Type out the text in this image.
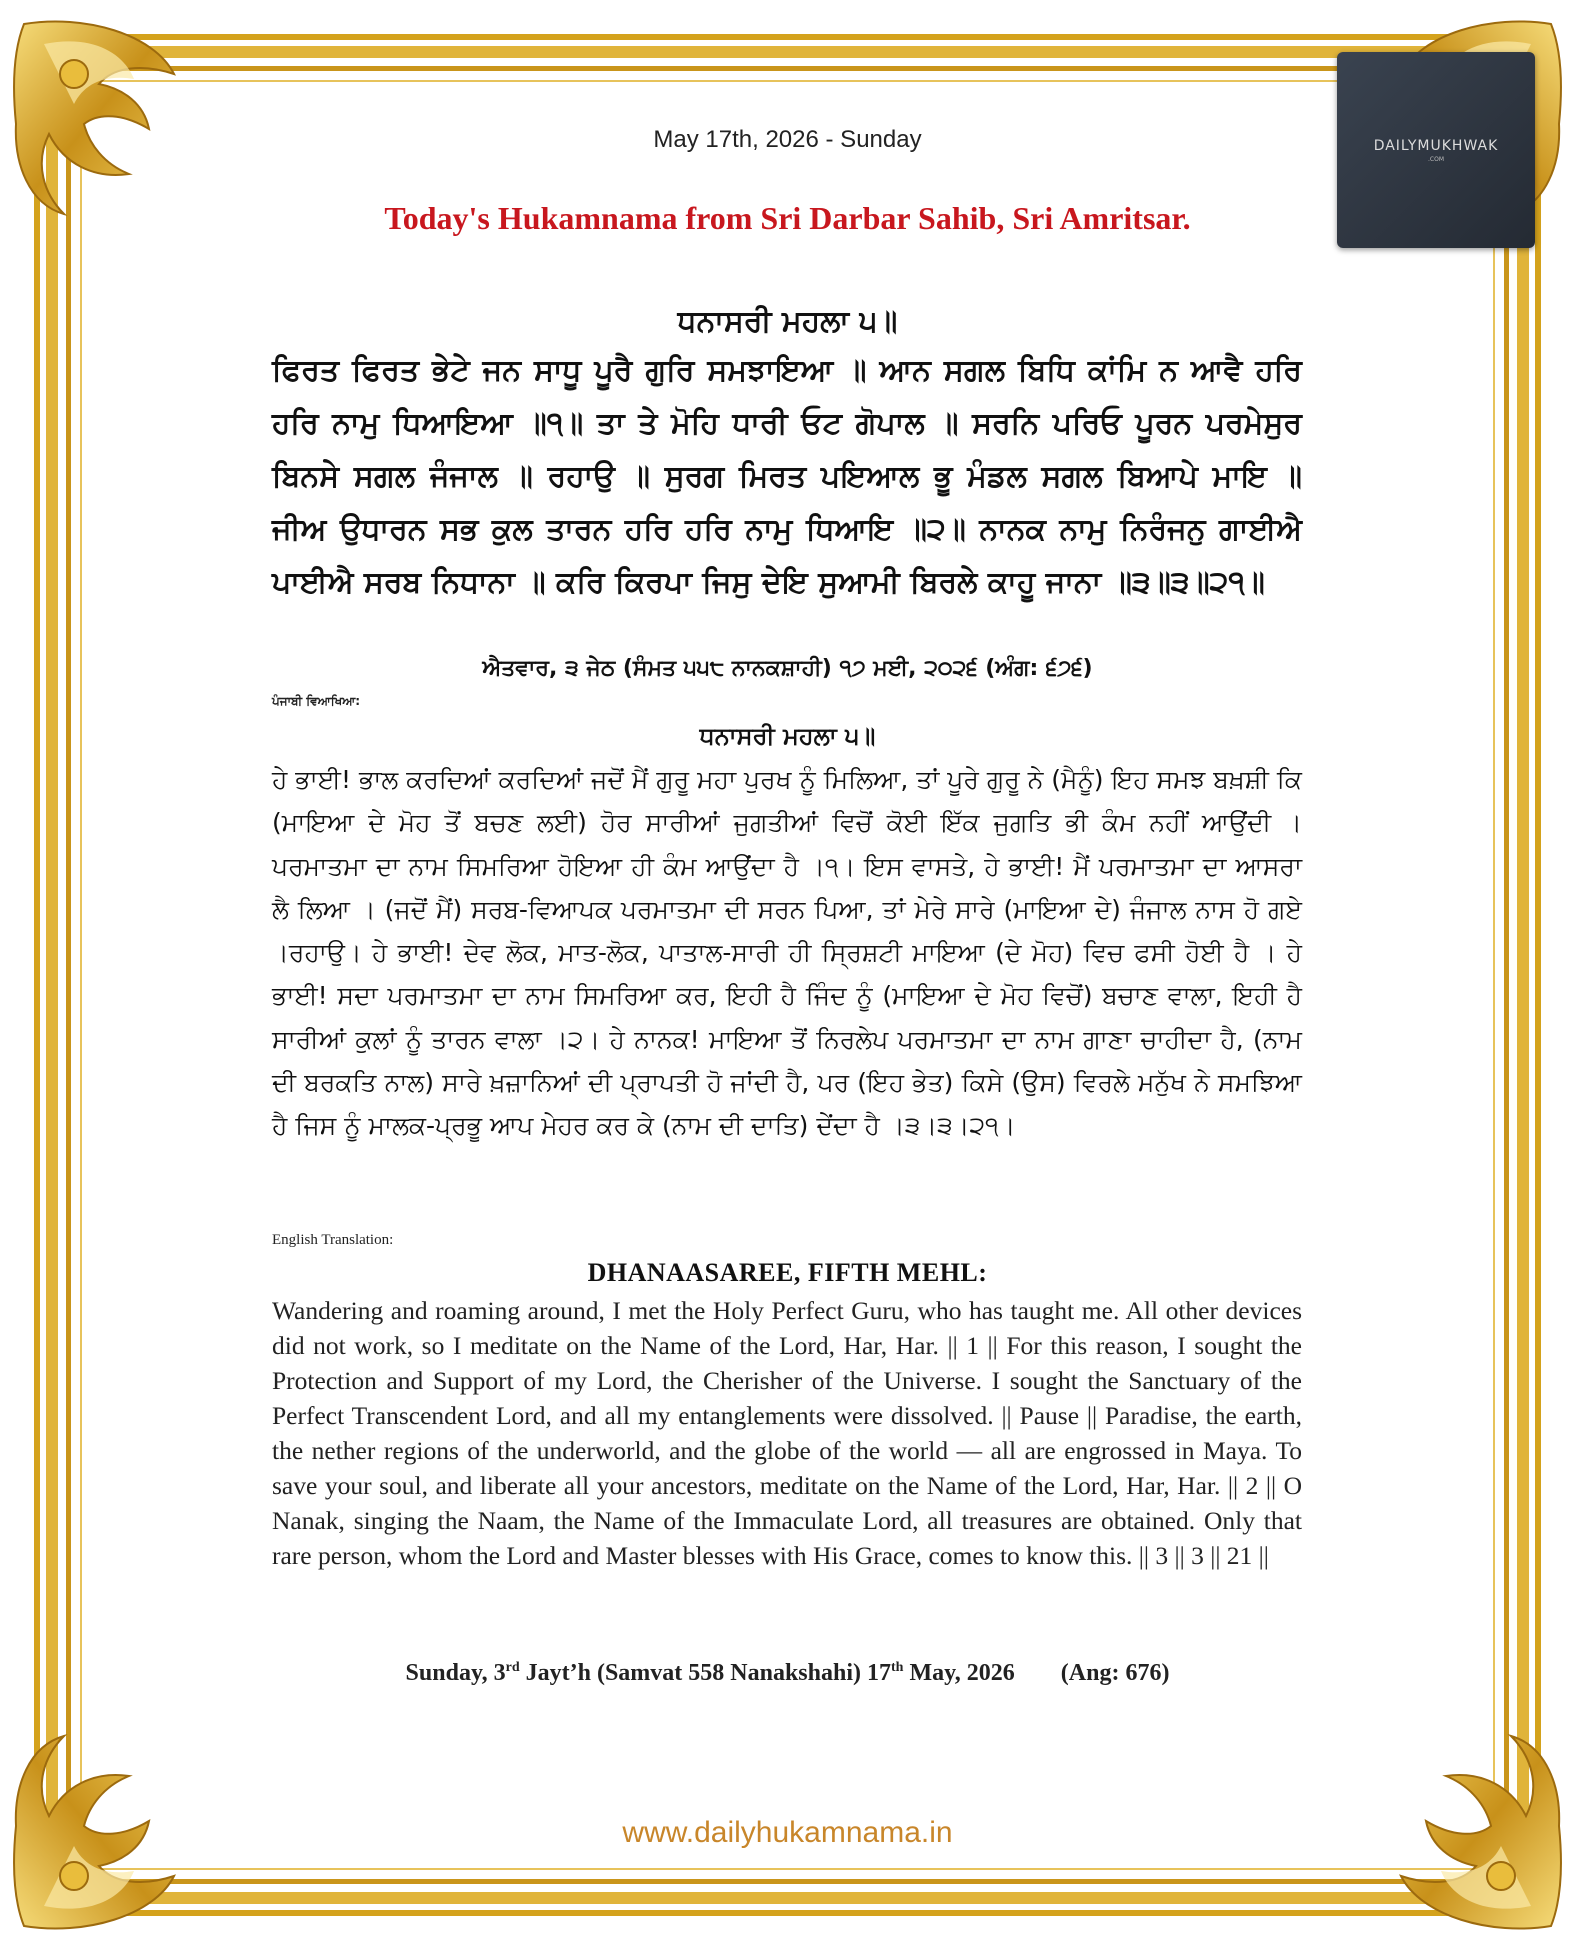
DAILYMUKHWAK
.COM
May 17th, 2026 - Sunday
Today's Hukamnama from Sri Darbar Sahib, Sri Amritsar.
ਧਨਾਸਰੀ ਮਹਲਾ ੫॥
ਫਿਰਤ ਫਿਰਤ ਭੇਟੇ ਜਨ ਸਾਧੂ ਪੂਰੈ ਗੁਰਿ ਸਮਝਾਇਆ ॥ ਆਨ ਸਗਲ ਬਿਧਿ ਕਾਂਮਿ ਨ ਆਵੈ ਹਰਿ ਹਰਿ ਨਾਮੁ ਧਿਆਇਆ ॥੧॥ ਤਾ ਤੇ ਮੋਹਿ ਧਾਰੀ ਓਟ ਗੋਪਾਲ ॥ ਸਰਨਿ ਪਰਿਓ ਪੂਰਨ ਪਰਮੇਸੁਰ ਬਿਨਸੇ ਸਗਲ ਜੰਜਾਲ ॥ ਰਹਾਉ ॥ ਸੁਰਗ ਮਿਰਤ ਪਇਆਲ ਭੂ ਮੰਡਲ ਸਗਲ ਬਿਆਪੇ ਮਾਇ ॥ ਜੀਅ ਉਧਾਰਨ ਸਭ ਕੁਲ ਤਾਰਨ ਹਰਿ ਹਰਿ ਨਾਮੁ ਧਿਆਇ ॥੨॥ ਨਾਨਕ ਨਾਮੁ ਨਿਰੰਜਨੁ ਗਾਈਐ ਪਾਈਐ ਸਰਬ ਨਿਧਾਨਾ ॥ ਕਰਿ ਕਿਰਪਾ ਜਿਸੁ ਦੇਇ ਸੁਆਮੀ ਬਿਰਲੇ ਕਾਹੂ ਜਾਨਾ ॥੩॥੩॥੨੧॥
ਐਤਵਾਰ, ੩ ਜੇਠ (ਸੰਮਤ ੫੫੮ ਨਾਨਕਸ਼ਾਹੀ) ੧੭ ਮਈ, ੨੦੨੬ (ਅੰਗ: ੬੭੬)
ਪੰਜਾਬੀ ਵਿਆਖਿਆ:
ਧਨਾਸਰੀ ਮਹਲਾ ੫॥
ਹੇ ਭਾਈ! ਭਾਲ ਕਰਦਿਆਂ ਕਰਦਿਆਂ ਜਦੋਂ ਮੈਂ ਗੁਰੂ ਮਹਾ ਪੁਰਖ ਨੂੰ ਮਿਲਿਆ, ਤਾਂ ਪੂਰੇ ਗੁਰੂ ਨੇ (ਮੈਨੂੰ) ਇਹ ਸਮਝ ਬਖ਼ਸ਼ੀ ਕਿ (ਮਾਇਆ ਦੇ ਮੋਹ ਤੋਂ ਬਚਣ ਲਈ) ਹੋਰ ਸਾਰੀਆਂ ਜੁਗਤੀਆਂ ਵਿਚੋਂ ਕੋਈ ਇੱਕ ਜੁਗਤਿ ਭੀ ਕੰਮ ਨਹੀਂ ਆਉਂਦੀ । ਪਰਮਾਤਮਾ ਦਾ ਨਾਮ ਸਿਮਰਿਆ ਹੋਇਆ ਹੀ ਕੰਮ ਆਉਂਦਾ ਹੈ ।੧। ਇਸ ਵਾਸਤੇ, ਹੇ ਭਾਈ! ਮੈਂ ਪਰਮਾਤਮਾ ਦਾ ਆਸਰਾ ਲੈ ਲਿਆ । (ਜਦੋਂ ਮੈਂ) ਸਰਬ-ਵਿਆਪਕ ਪਰਮਾਤਮਾ ਦੀ ਸਰਨ ਪਿਆ, ਤਾਂ ਮੇਰੇ ਸਾਰੇ (ਮਾਇਆ ਦੇ) ਜੰਜਾਲ ਨਾਸ ਹੋ ਗਏ ।ਰਹਾਉ। ਹੇ ਭਾਈ! ਦੇਵ ਲੋਕ, ਮਾਤ-ਲੋਕ, ਪਾਤਾਲ-ਸਾਰੀ ਹੀ ਸ੍ਰਿਸ਼ਟੀ ਮਾਇਆ (ਦੇ ਮੋਹ) ਵਿਚ ਫਸੀ ਹੋਈ ਹੈ । ਹੇ ਭਾਈ! ਸਦਾ ਪਰਮਾਤਮਾ ਦਾ ਨਾਮ ਸਿਮਰਿਆ ਕਰ, ਇਹੀ ਹੈ ਜਿੰਦ ਨੂੰ (ਮਾਇਆ ਦੇ ਮੋਹ ਵਿਚੋਂ) ਬਚਾਣ ਵਾਲਾ, ਇਹੀ ਹੈ ਸਾਰੀਆਂ ਕੁਲਾਂ ਨੂੰ ਤਾਰਨ ਵਾਲਾ ।੨। ਹੇ ਨਾਨਕ! ਮਾਇਆ ਤੋਂ ਨਿਰਲੇਪ ਪਰਮਾਤਮਾ ਦਾ ਨਾਮ ਗਾਣਾ ਚਾਹੀਦਾ ਹੈ, (ਨਾਮ ਦੀ ਬਰਕਤਿ ਨਾਲ) ਸਾਰੇ ਖ਼ਜ਼ਾਨਿਆਂ ਦੀ ਪ੍ਰਾਪਤੀ ਹੋ ਜਾਂਦੀ ਹੈ, ਪਰ (ਇਹ ਭੇਤ) ਕਿਸੇ (ਉਸ) ਵਿਰਲੇ ਮਨੁੱਖ ਨੇ ਸਮਝਿਆ ਹੈ ਜਿਸ ਨੂੰ ਮਾਲਕ-ਪ੍ਰਭੂ ਆਪ ਮੇਹਰ ਕਰ ਕੇ (ਨਾਮ ਦੀ ਦਾਤਿ) ਦੇਂਦਾ ਹੈ ।੩।੩।੨੧।
English Translation:
DHANAASAREE, FIFTH MEHL:
Wandering and roaming around, I met the Holy Perfect Guru, who has taught me. All other devices did not work, so I meditate on the Name of the Lord, Har, Har. || 1 || For this reason, I sought the Protection and Support of my Lord, the Cherisher of the Universe. I sought the Sanctuary of the Perfect Transcendent Lord, and all my entanglements were dissolved. || Pause || Paradise, the earth, the nether regions of the underworld, and the globe of the world — all are engrossed in Maya. To save your soul, and liberate all your ancestors, meditate on the Name of the Lord, Har, Har. || 2 || O Nanak, singing the Naam, the Name of the Immaculate Lord, all treasures are obtained. Only that rare person, whom the Lord and Master blesses with His Grace, comes to know this. || 3 || 3 || 21 ||
Sunday, 3rd Jayt’h (Samvat 558 Nanakshahi) 17th May, 2026 (Ang: 676)
www.dailyhukamnama.in
